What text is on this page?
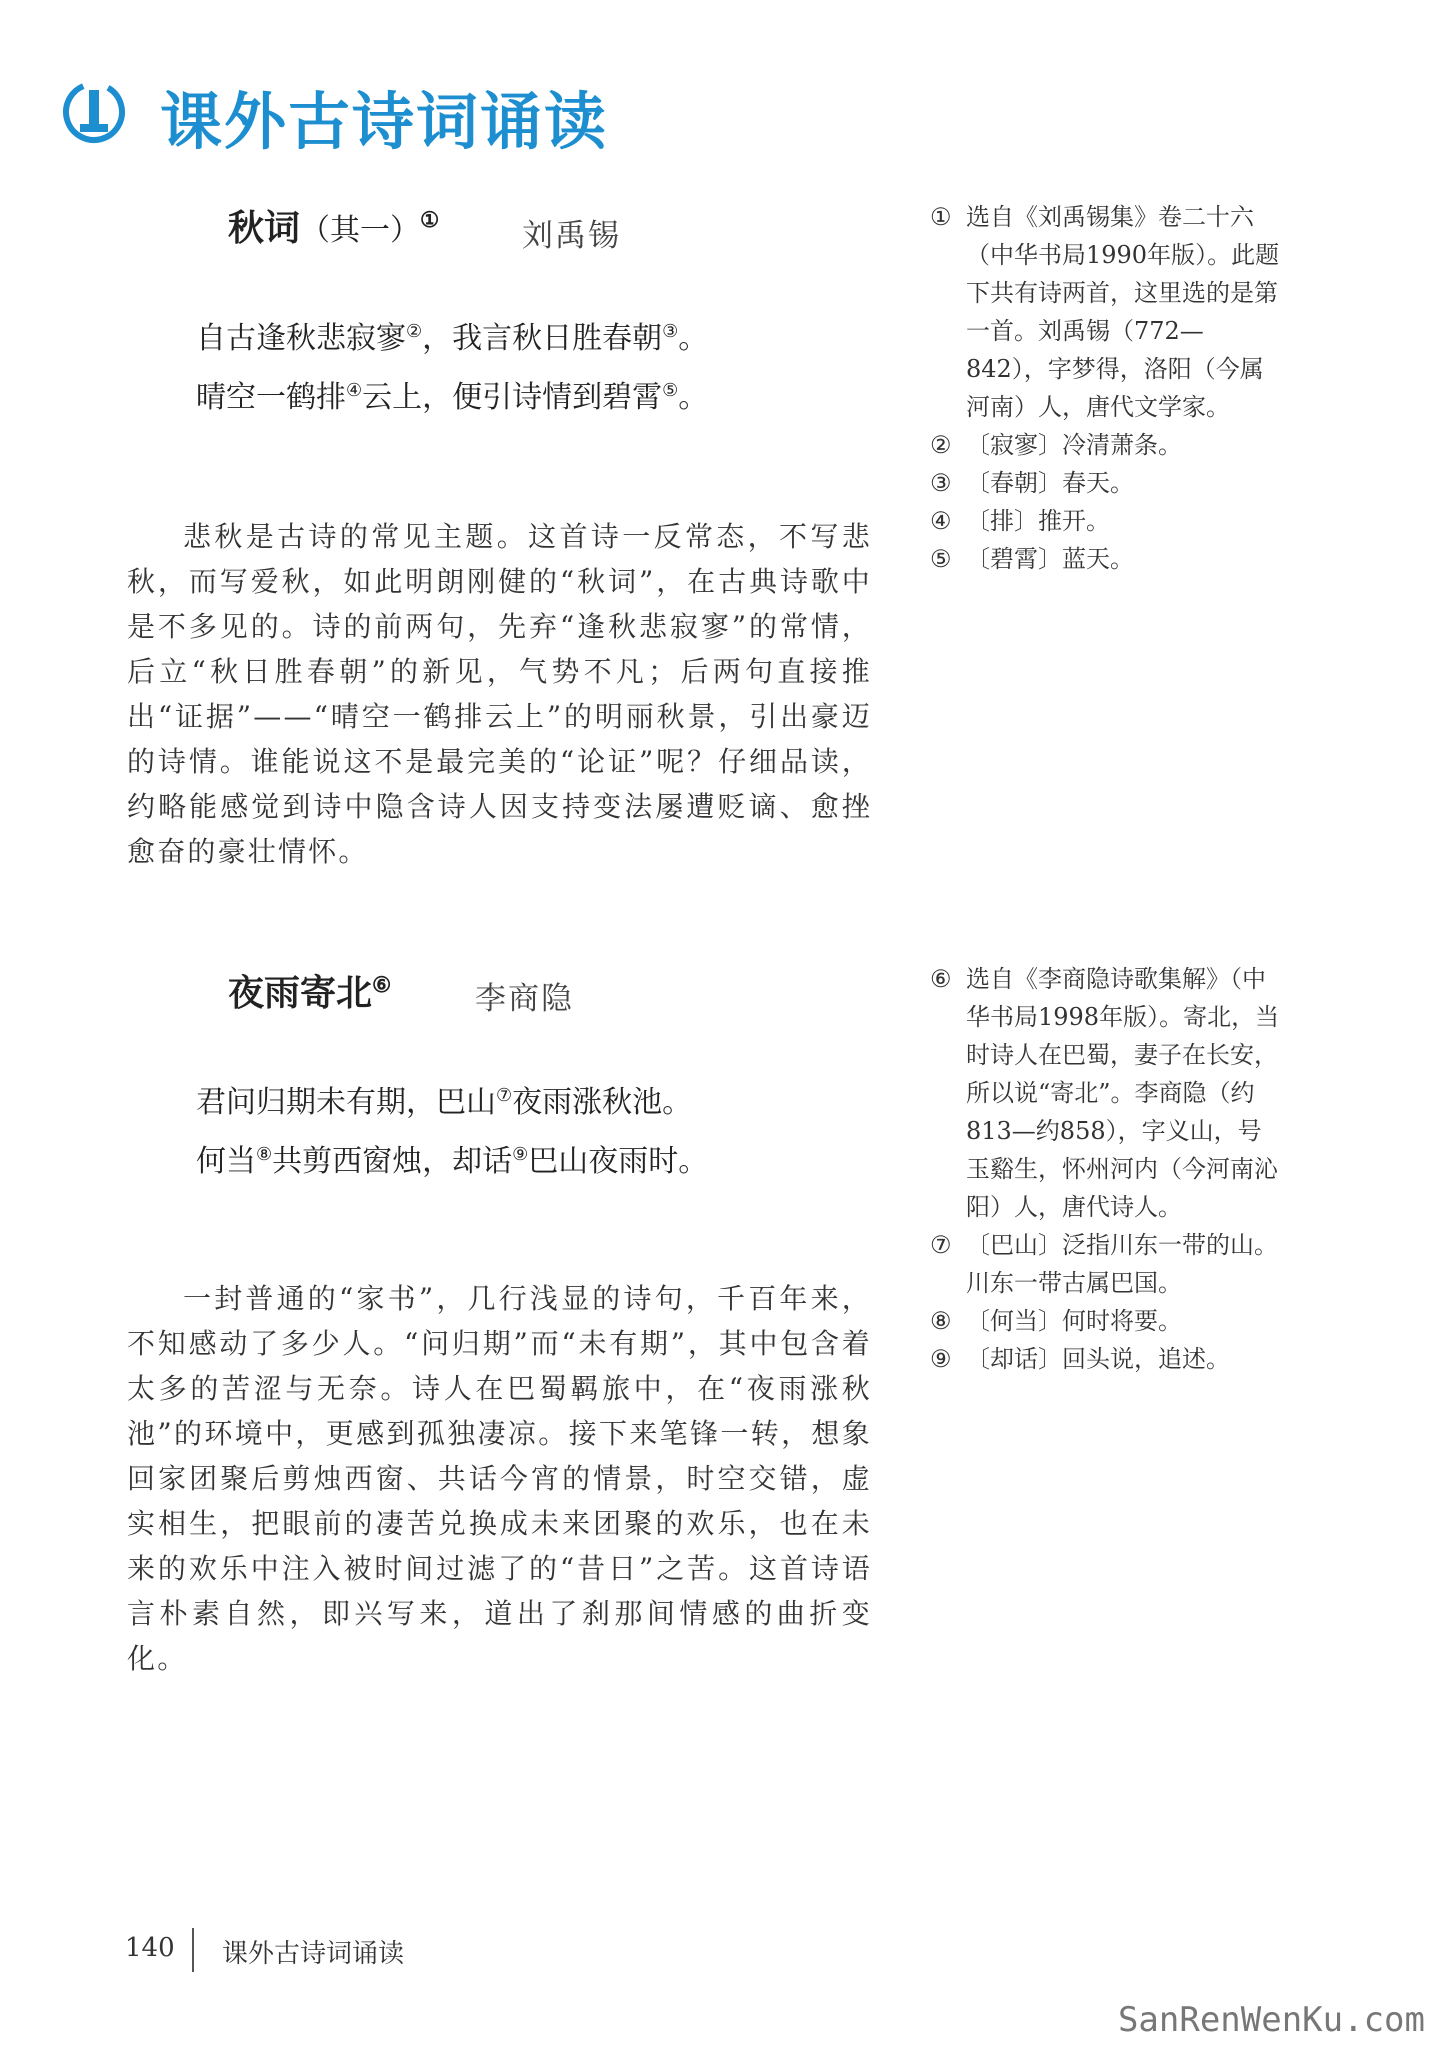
课外古诗词诵读
秋词（其一）①	刘禹锡
自古逢秋悲寂寥②，我言秋日胜春朝③。
晴空一鹤排④云上，便引诗情到碧霄⑤。

悲秋是古诗的常见主题。这首诗一反常态，不写悲秋，而写爱秋，如此明朗刚健的“秋词”，在古典诗歌中是不多见的。诗的前两句，先弃“逢秋悲寂寥”的常情，后立“秋日胜春朝”的新见，气势不凡；后两句直接推出“证据”——“晴空一鹤排云上”的明丽秋景，引出豪迈的诗情。谁能说这不是最完美的“论证”呢？仔细品读，约略能感觉到诗中隐含诗人因支持变法屡遭贬谪、愈挫愈奋的豪壮情怀。

① 选自《刘禹锡集》卷二十六（中华书局1990年版）。此题下共有诗两首，这里选的是第一首。刘禹锡（772—842），字梦得，洛阳（今属河南）人，唐代文学家。
② 〔寂寥〕冷清萧条。
③ 〔春朝〕春天。
④ 〔排〕推开。
⑤ 〔碧霄〕蓝天。
夜雨寄北⑥	李商隐
君问归期未有期，巴山⑦夜雨涨秋池。
何当⑧共剪西窗烛，却话⑨巴山夜雨时。

一封普通的“家书”，几行浅显的诗句，千百年来，不知感动了多少人。“问归期”而“未有期”，其中包含着太多的苦涩与无奈。诗人在巴蜀羁旅中，在“夜雨涨秋池”的环境中，更感到孤独凄凉。接下来笔锋一转，想象回家团聚后剪烛西窗、共话今宵的情景，时空交错，虚实相生，把眼前的凄苦兑换成未来团聚的欢乐，也在未来的欢乐中注入被时间过滤了的“昔日”之苦。这首诗语言朴素自然，即兴写来，道出了刹那间情感的曲折变化。

⑥ 选自《李商隐诗歌集解》（中华书局1998年版）。寄北，当时诗人在巴蜀，妻子在长安，所以说“寄北”。李商隐（约813—约858），字义山，号玉谿生，怀州河内（今河南沁阳）人，唐代诗人。
⑦ 〔巴山〕泛指川东一带的山。川东一带古属巴国。
⑧ 〔何当〕何时将要。
⑨ 〔却话〕回头说，追述。
140 课外古诗词诵读
SanRenWenKu.com
